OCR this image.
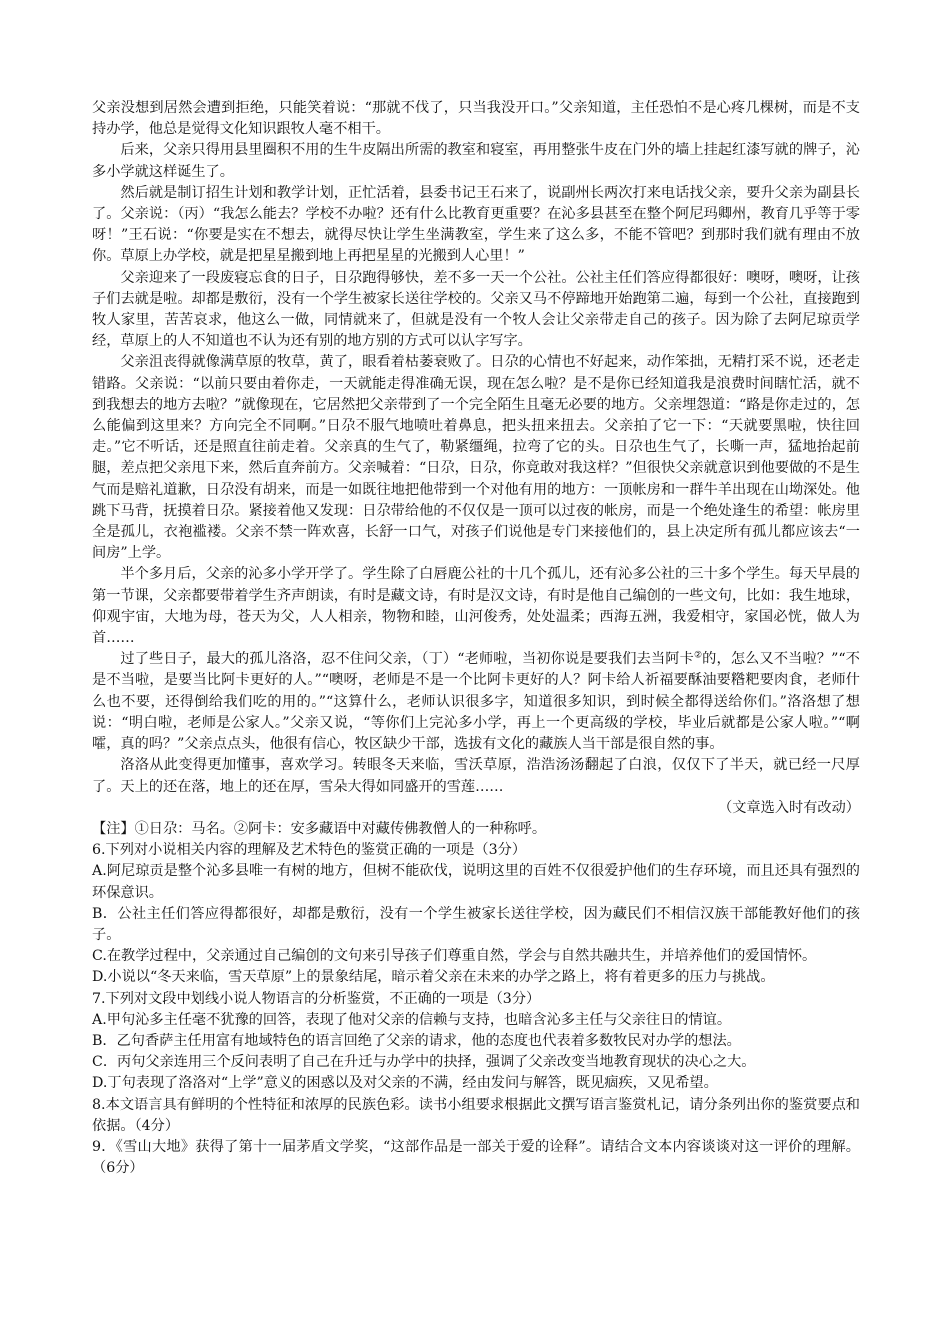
父亲没想到居然会遭到拒绝，只能笑着说：“那就不伐了，只当我没开口。”父亲知道，主任恐怕不是心疼几棵树，而是不支持办学，他总是觉得文化知识跟牧人毫不相干。

后来，父亲只得用县里圈积不用的生牛皮隔出所需的教室和寝室，再用整张牛皮在门外的墙上挂起红漆写就的牌子，沁多小学就这样诞生了。

然后就是制订招生计划和教学计划，正忙活着，县委书记王石来了，说副州长两次打来电话找父亲，要升父亲为副县长了。父亲说：（丙）“我怎么能去？学校不办啦？还有什么比教育更重要？在沁多县甚至在整个阿尼玛卿州，教育几乎等于零呀！”王石说：“你要是实在不想去，就得尽快让学生坐满教室，学生来了这么多，不能不管吧？到那时我们就有理由不放你。草原上办学校，就是把星星搬到地上再把星星的光搬到人心里！”

父亲迎来了一段废寝忘食的日子，日尕跑得够快，差不多一天一个公社。公社主任们答应得都很好：噢呀，噢呀，让孩子们去就是啦。却都是敷衍，没有一个学生被家长送往学校的。父亲又马不停蹄地开始跑第二遍，每到一个公社，直接跑到牧人家里，苦苦哀求，他这么一做，同情就来了，但就是没有一个牧人会让父亲带走自己的孩子。因为除了去阿尼琼贡学经，草原上的人不知道也不认为还有别的地方别的方式可以认字写字。

父亲沮丧得就像满草原的牧草，黄了，眼看着枯萎衰败了。日尕的心情也不好起来，动作笨拙，无精打采不说，还老走错路。父亲说：“以前只要由着你走，一天就能走得准确无误，现在怎么啦？是不是你已经知道我是浪费时间瞎忙活，就不到我想去的地方去啦？”就像现在，它居然把父亲带到了一个完全陌生且毫无必要的地方。父亲埋怨道：“路是你走过的，怎么能偏到这里来？方向完全不同啊。”日尕不服气地喷吐着鼻息，把头扭来扭去。父亲拍了它一下：“天就要黑啦，快往回走。”它不听话，还是照直往前走着。父亲真的生气了，勒紧缰绳，拉弯了它的头。日尕也生气了，长嘶一声，猛地抬起前腿，差点把父亲甩下来，然后直奔前方。父亲喊着：“日尕，日尕，你竟敢对我这样？”但很快父亲就意识到他要做的不是生气而是赔礼道歉，日尕没有胡来，而是一如既往地把他带到一个对他有用的地方：一顶帐房和一群牛羊出现在山坳深处。他跳下马背，抚摸着日尕。紧接着他又发现：日尕带给他的不仅仅是一顶可以过夜的帐房，而是一个绝处逢生的希望：帐房里全是孤儿，衣袍褴褛。父亲不禁一阵欢喜，长舒一口气，对孩子们说他是专门来接他们的，县上决定所有孤儿都应该去“一间房”上学。

半个多月后，父亲的沁多小学开学了。学生除了白唇鹿公社的十几个孤儿，还有沁多公社的三十多个学生。每天早晨的第一节课，父亲都要带着学生齐声朗读，有时是藏文诗，有时是汉文诗，有时是他自己编创的一些文句，比如：我生地球，仰观宇宙，大地为母，苍天为父，人人相亲，物物和睦，山河俊秀，处处温柔；西海五洲，我爱相守，家国必恍，做人为首……

过了些日子，最大的孤儿洛洛，忍不住问父亲，（丁）“老师啦，当初你说是要我们去当阿卡②的，怎么又不当啦？”“不是不当啦，是要当比阿卡更好的人。”“噢呀，老师是不是一个比阿卡更好的人？阿卡给人祈福要酥油要糌粑要肉食，老师什么也不要，还得倒给我们吃的用的。”“这算什么，老师认识很多字，知道很多知识，到时候全都得送给你们。”洛洛想了想说：“明白啦，老师是公家人。”父亲又说，“等你们上完沁多小学，再上一个更高级的学校，毕业后就都是公家人啦。”“啊嚯，真的吗？”父亲点点头，他很有信心，牧区缺少干部，选拔有文化的藏族人当干部是很自然的事。

洛洛从此变得更加懂事，喜欢学习。转眼冬天来临，雪沃草原，浩浩汤汤翻起了白浪，仅仅下了半天，就已经一尺厚了。天上的还在落，地上的还在厚，雪朵大得如同盛开的雪莲……

（文章选入时有改动）

【注】①日尕：马名。②阿卡：安多藏语中对藏传佛教僧人的一种称呼。

6.下列对小说相关内容的理解及艺术特色的鉴赏正确的一项是（3分）

A.阿尼琼贡是整个沁多县唯一有树的地方，但树不能砍伐，说明这里的百姓不仅很爱护他们的生存环境，而且还具有强烈的环保意识。

B．公社主任们答应得都很好，却都是敷衍，没有一个学生被家长送往学校，因为藏民们不相信汉族干部能教好他们的孩子。

C.在教学过程中，父亲通过自己编创的文句来引导孩子们尊重自然，学会与自然共融共生，并培养他们的爱国情怀。

D.小说以“冬天来临，雪天草原”上的景象结尾，暗示着父亲在未来的办学之路上，将有着更多的压力与挑战。

7.下列对文段中划线小说人物语言的分析鉴赏，不正确的一项是（3分）

A.甲句沁多主任毫不犹豫的回答，表现了他对父亲的信赖与支持，也暗含沁多主任与父亲往日的情谊。

B．乙句香萨主任用富有地域特色的语言回绝了父亲的请求，他的态度也代表着多数牧民对办学的想法。

C．丙句父亲连用三个反问表明了自己在升迁与办学中的抉择，强调了父亲改变当地教育现状的决心之大。

D.丁句表现了洛洛对“上学”意义的困惑以及对父亲的不满，经由发问与解答，既见痼疾，又见希望。

8.本文语言具有鲜明的个性特征和浓厚的民族色彩。读书小组要求根据此文撰写语言鉴赏札记，请分条列出你的鉴赏要点和依据。（4分）

9．《雪山大地》获得了第十一届茅盾文学奖，“这部作品是一部关于爱的诠释”。请结合文本内容谈谈对这一评价的理解。（6分）
